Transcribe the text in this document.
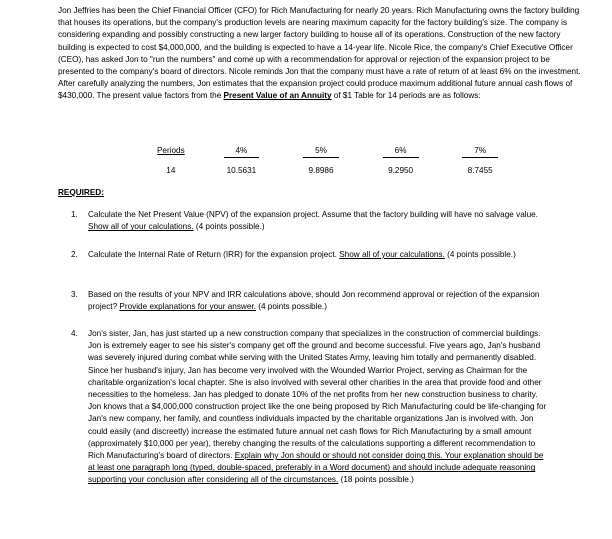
Jon Jeffries has been the Chief Financial Officer (CFO) for Rich Manufacturing for nearly 20 years. Rich Manufacturing owns the factory building that houses its operations, but the company's production levels are nearing maximum capacity for the factory building's size. The company is considering expanding and possibly constructing a new larger factory building to house all of its operations. Construction of the new factory building is expected to cost $4,000,000, and the building is expected to have a 14-year life. Nicole Rice, the company's Chief Executive Officer (CEO), has asked Jon to "run the numbers" and come up with a recommendation for approval or rejection of the expansion project to be presented to the company's board of directors. Nicole reminds Jon that the company must have a rate of return of at least 6% on the investment. After carefully analyzing the numbers, Jon estimates that the expansion project could produce maximum additional future annual cash flows of $430,000. The present value factors from the Present Value of an Annuity of $1 Table for 14 periods are as follows:

Periods	4%	5%	6%	7%
14	10.5631	9.8986	9.2950	8.7455
REQUIRED:
1. Calculate the Net Present Value (NPV) of the expansion project. Assume that the factory building will have no salvage value. Show all of your calculations. (4 points possible.)
2. Calculate the Internal Rate of Return (IRR) for the expansion project. Show all of your calculations. (4 points possible.)
3. Based on the results of your NPV and IRR calculations above, should Jon recommend approval or rejection of the expansion project? Provide explanations for your answer. (4 points possible.)
4. Jon's sister, Jan, has just started up a new construction company that specializes in the construction of commercial buildings. Jon is extremely eager to see his sister's company get off the ground and become successful. Five years ago, Jan's husband was severely injured during combat while serving with the United States Army, leaving him totally and permanently disabled. Since her husband's injury, Jan has become very involved with the Wounded Warrior Project, serving as Chairman for the charitable organization's local chapter. She is also involved with several other charities in the area that provide food and other necessities to the homeless. Jan has pledged to donate 10% of the net profits from her new construction business to charity. Jon knows that a $4,000,000 construction project like the one being proposed by Rich Manufacturing could be life-changing for Jan's new company, her family, and countless individuals impacted by the charitable organizations Jan is involved with. Jon could easily (and discreetly) increase the estimated future annual net cash flows for Rich Manufacturing by a small amount (approximately $10,000 per year), thereby changing the results of the calculations supporting a different recommendation to Rich Manufacturing's board of directors. Explain why Jon should or should not consider doing this. Your explanation should be at least one paragraph long (typed, double-spaced, preferably in a Word document) and should include adequate reasoning supporting your conclusion after considering all of the circumstances. (18 points possible.)
